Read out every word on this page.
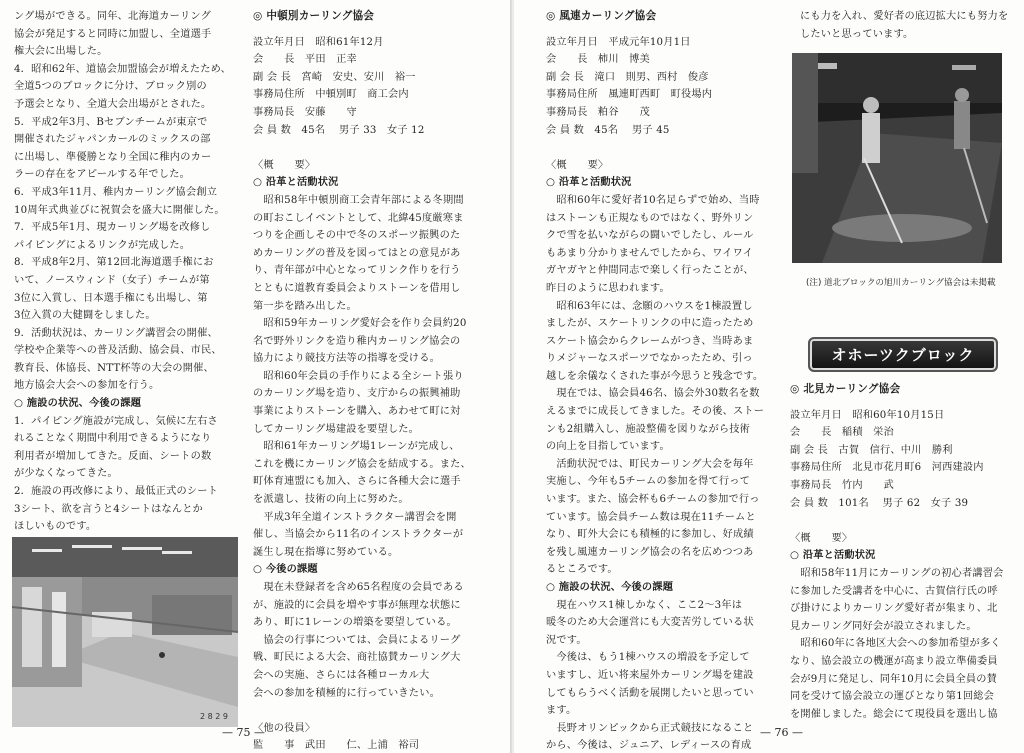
ング場ができる。同年、北海道カーリング
協会が発足すると同時に加盟し、全道選手
権大会に出場した。
4．昭和62年、道協会加盟協会が増えたため、
全道5つのブロックに分け、ブロック別の
予選会となり、全道大会出場がとされた。
5．平成2年3月、Bセブンチームが東京で
開催されたジャパンカールのミックスの部
に出場し、準優勝となり全国に稚内のカー
ラーの存在をアピールする年でした。
6．平成3年11月、稚内カーリング協会創立
10周年式典並びに祝賀会を盛大に開催した。
7．平成5年1月、現カーリング場を改修し
パイピングによるリンクが完成した。
8．平成8年2月、第12回北海道選手権にお
いて、ノースウィンド（女子）チームが第
3位に入賞し、日本選手権にも出場し、第
3位入賞の大健闘をしました。
9．活動状況は、カーリング講習会の開催、
学校や企業等への普及活動、協会員、市民、
教育長、体協長、NTT杯等の大会の開催、
地方協会大会への参加を行う。
○ 施設の状況、今後の課題
1．パイピング施設が完成し、気候に左右さ
れることなく期間中利用できるようになり
利用者が増加してきた。反面、シートの数
が少なくなってきた。
2．施設の再改修により、最低正式のシート
3シート、欲を言うと4シートはなんとか
ほしいものです。
2 8 2 9
◎ 中頓別カーリング協会
設立年月日　昭和61年12月
会　　長　平田　正幸
副 会 長　宮崎　安史、安川　裕一
事務局住所　中頓別町　商工会内
事務局長　安藤　　守
会 員 数　45名　 男子 33　女子 12
〈概　　要〉
○ 沿革と活動状況
　昭和58年中頓別商工会青年部による冬期間
の町おこしイベントとして、北緯45度厳寒ま
つりを企画しその中で冬のスポーツ振興のた
めカーリングの普及を図ってはとの意見があ
り、青年部が中心となってリンク作りを行う
とともに道教育委員会よりストーンを借用し
第一歩を踏み出した。
　昭和59年カーリング愛好会を作り会員約20
名で野外リンクを造り稚内カーリング協会の
協力により競技方法等の指導を受ける。
　昭和60年会員の手作りによる全シート張り
のカーリング場を造り、支庁からの振興補助
事業によりストーンを購入、あわせて町に対
してカーリング場建設を要望した。
　昭和61年カーリング場1レーンが完成し、
これを機にカーリング協会を結成する。また、
町体育連盟にも加入、さらに各種大会に選手
を派遣し、技術の向上に努めた。
　平成3年全道インストラクター講習会を開
催し、当協会から11名のインストラクターが
誕生し現在指導に努めている。
○ 今後の課題
　現在未登録者を含め65名程度の会員である
が、施設的に会員を増やす事が無理な状態に
あり、町に1レーンの増築を要望している。
　協会の行事については、会員によるリーグ
戦、町民による大会、商社協賛カーリング大
会への実施、さらには各種ローカル大
会への参加を積極的に行っていきたい。
〈他の役員〉
監　　事　武田　　仁、上浦　裕司
— 75 —
◎ 風連カーリング協会
設立年月日　平成元年10月1日
会　　長　柿川　博美
副 会 長　滝口　則男、西村　俊彦
事務局住所　風連町西町　町役場内
事務局長　粕谷　　茂
会 員 数　45名　 男子 45
〈概　　要〉
○ 沿革と活動状況
　昭和60年に愛好者10名足らずで始め、当時
はストーンも正規なものではなく、野外リン
クで雪を払いながらの闘いでしたし、ルール
もあまり分かりませんでしたから、ワイワイ
ガヤガヤと仲間同志で楽しく行ったことが、
昨日のように思われます。
　昭和63年には、念願のハウスを1棟設置し
ましたが、スケートリンクの中に造ったため
スケート協会からクレームがつき、当時あま
りメジャーなスポーツでなかったため、引っ
越しを余儀なくされた事が今思うと残念です。
　現在では、協会員46名、協会外30数名を数
えるまでに成長してきました。その後、ストー
ンも2組購入し、施設整備を図りながら技術
の向上を目指しています。
　活動状況では、町民カーリング大会を毎年
実施し、今年も5チームの参加を得て行って
います。また、協会杯も6チームの参加で行っ
ています。協会員チーム数は現在11チームと
なり、町外大会にも積極的に参加し、好成績
を残し風連カーリング協会の名を広めつつあ
るところです。
○ 施設の状況、今後の課題
　現在ハウス1棟しかなく、ここ2〜3年は
暖冬のため大会運営にも大変苦労している状
況です。
　今後は、もう1棟ハウスの増設を予定して
いますし、近い将来屋外カーリング場を建設
してもらうべく活動を展開したいと思ってい
ます。
　長野オリンピックから正式競技になること
から、今後は、ジュニア、レディースの育成
にも力を入れ、愛好者の底辺拡大にも努力を
したいと思っています。
(注) 道北ブロックの旭川カーリング協会は未掲載
オホーツクブロック
◎ 北見カーリング協会
設立年月日　昭和60年10月15日
会　　長　稲積　栄治
副 会 長　古賀　信行、中川　勝利
事務局住所　北見市花月町6　河西建設内
事務局長　竹内　　武
会 員 数　101名　 男子 62　女子 39
〈概　　要〉
○ 沿革と活動状況
　昭和58年11月にカーリングの初心者講習会
に参加した受講者を中心に、古賀信行氏の呼
び掛けによりカーリング愛好者が集まり、北
見カーリング同好会が設立されました。
　昭和60年に各地区大会への参加希望が多く
なり、協会設立の機運が高まり設立準備委員
会が9月に発足し、同年10月に会員全員の賛
同を受けて協会設立の運びとなり第1回総会
を開催しました。総会にて現役員を選出し協
— 76 —
